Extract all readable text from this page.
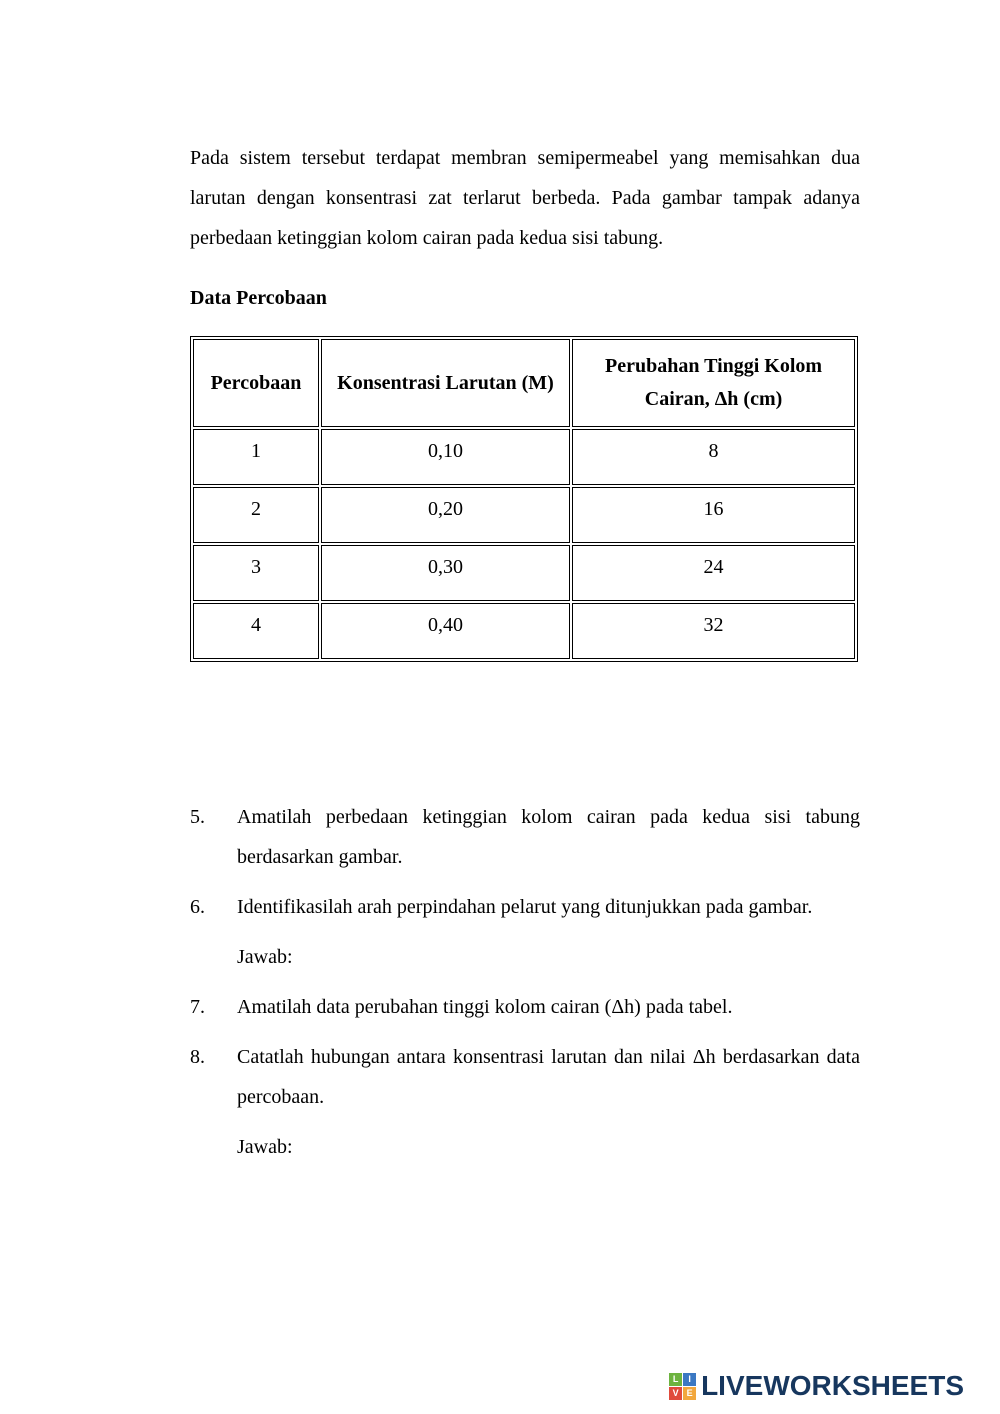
Pada sistem tersebut terdapat membran semipermeabel yang memisahkan dua larutan dengan konsentrasi zat terlarut berbeda. Pada gambar tampak adanya perbedaan ketinggian kolom cairan pada kedua sisi tabung.

Data Percobaan
Percobaan	Konsentrasi Larutan (M)	Perubahan Tinggi Kolom Cairan, Δh (cm)
1	0,10	8
2	0,20	16
3	0,30	24
4	0,40	32
5.	Amatilah perbedaan ketinggian kolom cairan pada kedua sisi tabung berdasarkan gambar.
6.	Identifikasilah arah perpindahan pelarut yang ditunjukkan pada gambar.

Jawab:

7.	Amatilah data perubahan tinggi kolom cairan (Δh) pada tabel.
8.	Catatlah hubungan antara konsentrasi larutan dan nilai Δh berdasarkan data percobaan.

Jawab:

L	I
V E LIVEWORKSHEETS
